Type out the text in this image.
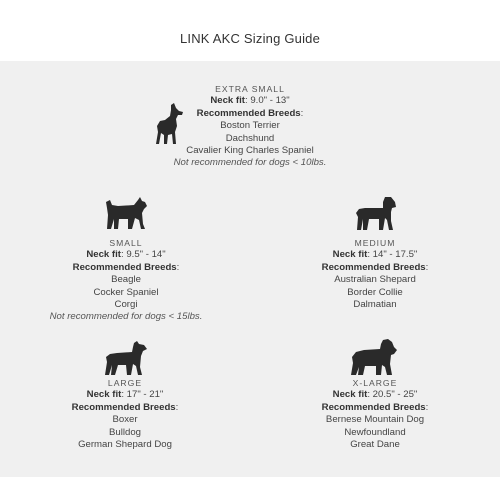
LINK AKC Sizing Guide
EXTRA SMALL
Neck fit: 9.0" - 13"
Recommended Breeds:
Boston Terrier
Dachshund
Cavalier King Charles Spaniel
Not recommended for dogs < 10lbs.
SMALL
Neck fit: 9.5" - 14"
Recommended Breeds:
Beagle
Cocker Spaniel
Corgi
Not recommended for dogs < 15lbs.
MEDIUM
Neck fit: 14" - 17.5"
Recommended Breeds:
Australian Shepard
Border Collie
Dalmatian
LARGE
Neck fit: 17" - 21"
Recommended Breeds:
Boxer
Bulldog
German Shepard Dog
X-LARGE
Neck fit: 20.5" - 25"
Recommended Breeds:
Bernese Mountain Dog
Newfoundland
Great Dane
